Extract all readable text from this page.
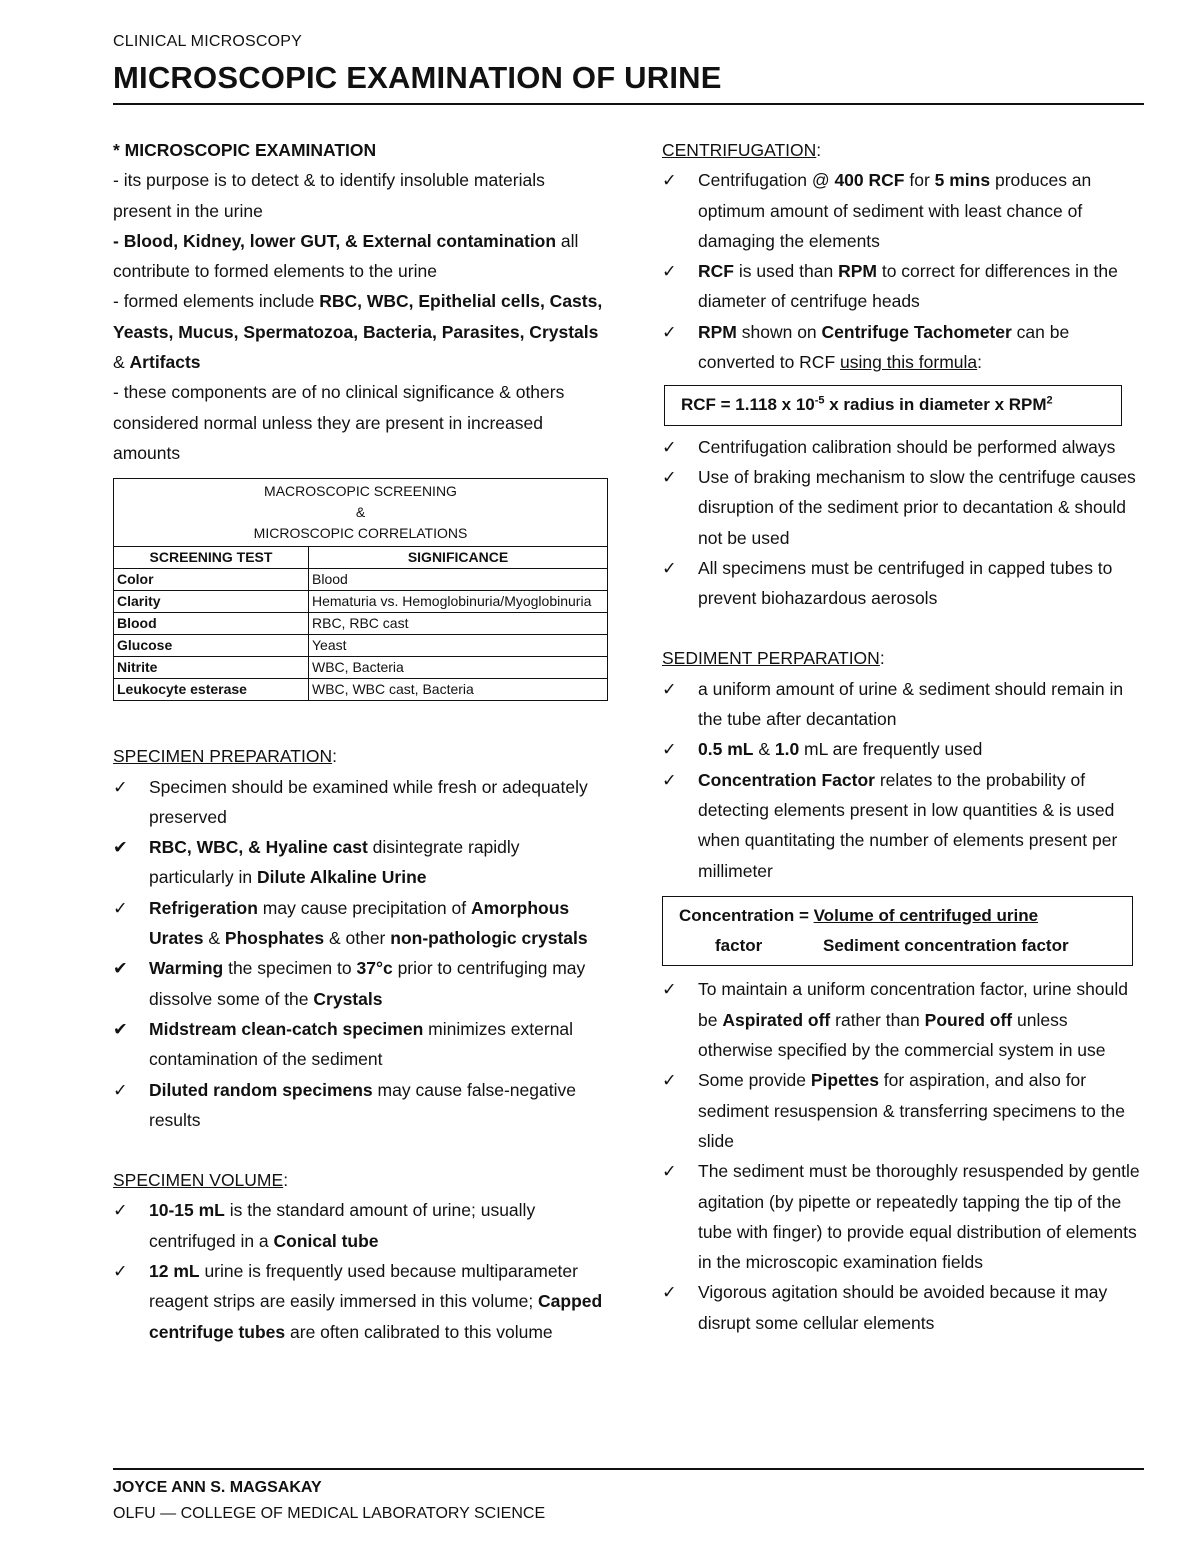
CLINICAL MICROSCOPY
MICROSCOPIC EXAMINATION OF URINE

* MICROSCOPIC EXAMINATION

- its purpose is to detect & to identify insoluble materials present in the urine

- Blood, Kidney, lower GUT, & External contamination all contribute to formed elements to the urine

- formed elements include RBC, WBC, Epithelial cells, Casts, Yeasts, Mucus, Spermatozoa, Bacteria, Parasites, Crystals & Artifacts

- these components are of no clinical significance & others considered normal unless they are present in increased amounts

MACROSCOPIC SCREENING
&
MICROSCOPIC CORRELATIONS	
SCREENING TEST	SIGNIFICANCE
Color	Blood
Clarity	Hematuria vs. Hemoglobinuria/Myoglobinuria
Blood	RBC, RBC cast
Glucose	Yeast
Nitrite	WBC, Bacteria
Leukocyte esterase	WBC, WBC cast, Bacteria

SPECIMEN PREPARATION:

✓ Specimen should be examined while fresh or adequately preserved
✔ RBC, WBC, & Hyaline cast disintegrate rapidly particularly in Dilute Alkaline Urine
✓ Refrigeration may cause precipitation of Amorphous Urates & Phosphates & other non-pathologic crystals
✔ Warming the specimen to 37°c prior to centrifuging may dissolve some of the Crystals
✔ Midstream clean-catch specimen minimizes external contamination of the sediment
✓ Diluted random specimens may cause false-negative results

SPECIMEN VOLUME:

✓ 10-15 mL is the standard amount of urine; usually centrifuged in a Conical tube
✓ 12 mL urine is frequently used because multiparameter reagent strips are easily immersed in this volume; Capped centrifuge tubes are often calibrated to this volume

CENTRIFUGATION:

✓ Centrifugation @ 400 RCF for 5 mins produces an optimum amount of sediment with least chance of damaging the elements
✓ RCF is used than RPM to correct for differences in the diameter of centrifuge heads
✓ RPM shown on Centrifuge Tachometer can be converted to RCF using this formula:
RCF = 1.118 x $10^{-5}$ x radius in diameter x RPM$^2$
✓ Centrifugation calibration should be performed always
✓ Use of braking mechanism to slow the centrifuge causes disruption of the sediment prior to decantation & should not be used
✓ All specimens must be centrifuged in capped tubes to prevent biohazardous aerosols

SEDIMENT PERPARATION:

✓ a uniform amount of urine & sediment should remain in the tube after decantation
✓ 0.5 mL & 1.0 mL are frequently used
✓ Concentration Factor relates to the probability of detecting elements present in low quantities & is used when quantitating the number of elements present per millimeter
Concentration = Volume of centrifuged urine
factor	Sediment concentration factor
✓ To maintain a uniform concentration factor, urine should be Aspirated off rather than Poured off unless otherwise specified by the commercial system in use
✓ Some provide Pipettes for aspiration, and also for sediment resuspension & transferring specimens to the slide
✓ The sediment must be thoroughly resuspended by gentle agitation (by pipette or repeatedly tapping the tip of the tube with finger) to provide equal distribution of elements in the microscopic examination fields
✓ Vigorous agitation should be avoided because it may disrupt some cellular elements
JOYCE ANN S. MAGSAKAY
OLFU — COLLEGE OF MEDICAL LABORATORY SCIENCE
